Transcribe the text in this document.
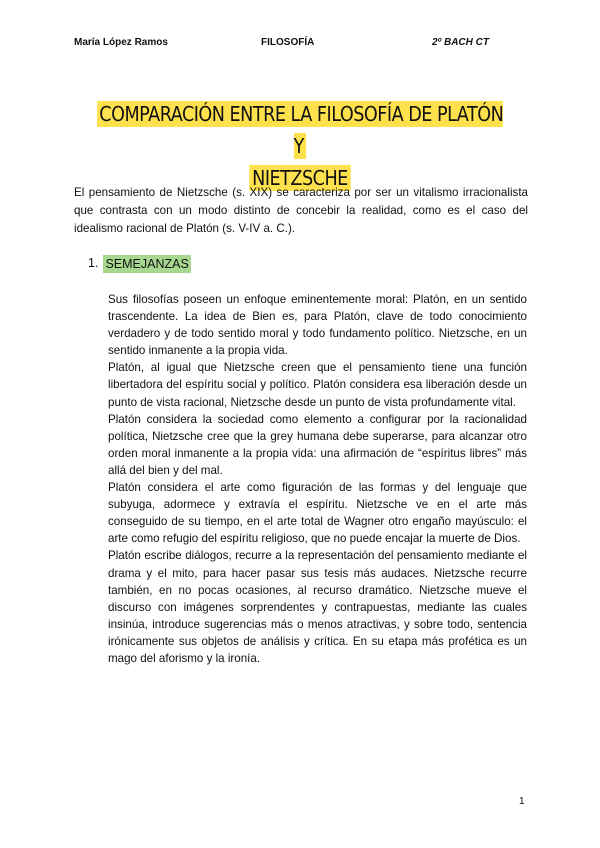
María López Ramos	FILOSOFÍA	2º BACH CT
COMPARACIÓN ENTRE LA FILOSOFÍA DE PLATÓN Y
NIETZSCHE

El pensamiento de Nietzsche (s. XIX) se caracteriza por ser un vitalismo irracionalista que contrasta con un modo distinto de concebir la realidad, como es el caso del idealismo racional de Platón (s. V-IV a. C.).

1. SEMEJANZAS

Sus filosofías poseen un enfoque eminentemente moral: Platón, en un sentido trascendente. La idea de Bien es, para Platón, clave de todo conocimiento verdadero y de todo sentido moral y todo fundamento político. Nietzsche, en un sentido inmanente a la propia vida.

Platón, al igual que Nietzsche creen que el pensamiento tiene una función libertadora del espíritu social y político. Platón considera esa liberación desde un punto de vista racional, Nietzsche desde un punto de vista profundamente vital.

Platón considera la sociedad como elemento a configurar por la racionalidad política, Nietzsche cree que la grey humana debe superarse, para alcanzar otro orden moral inmanente a la propia vida: una afirmación de “espíritus libres” más allá del bien y del mal.

Platón considera el arte como figuración de las formas y del lenguaje que subyuga, adormece y extravía el espíritu. Nietzsche ve en el arte más conseguido de su tiempo, en el arte total de Wagner otro engaño mayúsculo: el arte como refugio del espíritu religioso, que no puede encajar la muerte de Dios.

Platón escribe diálogos, recurre a la representación del pensamiento mediante el drama y el mito, para hacer pasar sus tesis más audaces. Nietzsche recurre también, en no pocas ocasiones, al recurso dramático. Nietzsche mueve el discurso con imágenes sorprendentes y contrapuestas, mediante las cuales insinúa, introduce sugerencias más o menos atractivas, y sobre todo, sentencia irónicamente sus objetos de análisis y crítica. En su etapa más profética es un mago del aforismo y la ironía.

1
